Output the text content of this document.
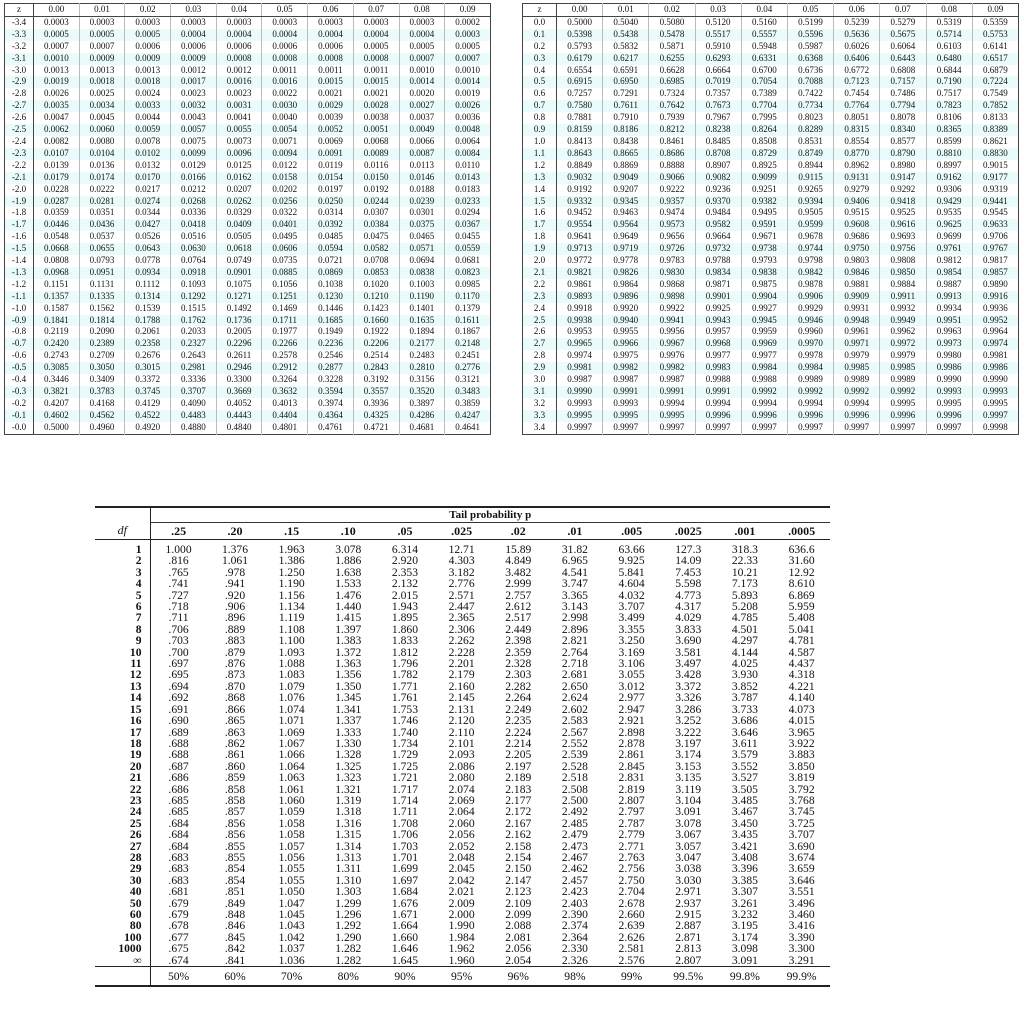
z	0.00	0.01	0.02	0.03	0.04	0.05	0.06	0.07	0.08	0.09
-3.4	0.0003	0.0003	0.0003	0.0003	0.0003	0.0003	0.0003	0.0003	0.0003	0.0002
-3.3	0.0005	0.0005	0.0005	0.0004	0.0004	0.0004	0.0004	0.0004	0.0004	0.0003
-3.2	0.0007	0.0007	0.0006	0.0006	0.0006	0.0006	0.0006	0.0005	0.0005	0.0005
-3.1	0.0010	0.0009	0.0009	0.0009	0.0008	0.0008	0.0008	0.0008	0.0007	0.0007
-3.0	0.0013	0.0013	0.0013	0.0012	0.0012	0.0011	0.0011	0.0011	0.0010	0.0010
-2.9	0.0019	0.0018	0.0018	0.0017	0.0016	0.0016	0.0015	0.0015	0.0014	0.0014
-2.8	0.0026	0.0025	0.0024	0.0023	0.0023	0.0022	0.0021	0.0021	0.0020	0.0019
-2.7	0.0035	0.0034	0.0033	0.0032	0.0031	0.0030	0.0029	0.0028	0.0027	0.0026
-2.6	0.0047	0.0045	0.0044	0.0043	0.0041	0.0040	0.0039	0.0038	0.0037	0.0036
-2.5	0.0062	0.0060	0.0059	0.0057	0.0055	0.0054	0.0052	0.0051	0.0049	0.0048
-2.4	0.0082	0.0080	0.0078	0.0075	0.0073	0.0071	0.0069	0.0068	0.0066	0.0064
-2.3	0.0107	0.0104	0.0102	0.0099	0.0096	0.0094	0.0091	0.0089	0.0087	0.0084
-2.2	0.0139	0.0136	0.0132	0.0129	0.0125	0.0122	0.0119	0.0116	0.0113	0.0110
-2.1	0.0179	0.0174	0.0170	0.0166	0.0162	0.0158	0.0154	0.0150	0.0146	0.0143
-2.0	0.0228	0.0222	0.0217	0.0212	0.0207	0.0202	0.0197	0.0192	0.0188	0.0183
-1.9	0.0287	0.0281	0.0274	0.0268	0.0262	0.0256	0.0250	0.0244	0.0239	0.0233
-1.8	0.0359	0.0351	0.0344	0.0336	0.0329	0.0322	0.0314	0.0307	0.0301	0.0294
-1.7	0.0446	0.0436	0.0427	0.0418	0.0409	0.0401	0.0392	0.0384	0.0375	0.0367
-1.6	0.0548	0.0537	0.0526	0.0516	0.0505	0.0495	0.0485	0.0475	0.0465	0.0455
-1.5	0.0668	0.0655	0.0643	0.0630	0.0618	0.0606	0.0594	0.0582	0.0571	0.0559
-1.4	0.0808	0.0793	0.0778	0.0764	0.0749	0.0735	0.0721	0.0708	0.0694	0.0681
-1.3	0.0968	0.0951	0.0934	0.0918	0.0901	0.0885	0.0869	0.0853	0.0838	0.0823
-1.2	0.1151	0.1131	0.1112	0.1093	0.1075	0.1056	0.1038	0.1020	0.1003	0.0985
-1.1	0.1357	0.1335	0.1314	0.1292	0.1271	0.1251	0.1230	0.1210	0.1190	0.1170
-1.0	0.1587	0.1562	0.1539	0.1515	0.1492	0.1469	0.1446	0.1423	0.1401	0.1379
-0.9	0.1841	0.1814	0.1788	0.1762	0.1736	0.1711	0.1685	0.1660	0.1635	0.1611
-0.8	0.2119	0.2090	0.2061	0.2033	0.2005	0.1977	0.1949	0.1922	0.1894	0.1867
-0.7	0.2420	0.2389	0.2358	0.2327	0.2296	0.2266	0.2236	0.2206	0.2177	0.2148
-0.6	0.2743	0.2709	0.2676	0.2643	0.2611	0.2578	0.2546	0.2514	0.2483	0.2451
-0.5	0.3085	0.3050	0.3015	0.2981	0.2946	0.2912	0.2877	0.2843	0.2810	0.2776
-0.4	0.3446	0.3409	0.3372	0.3336	0.3300	0.3264	0.3228	0.3192	0.3156	0.3121
-0.3	0.3821	0.3783	0.3745	0.3707	0.3669	0.3632	0.3594	0.3557	0.3520	0.3483
-0.2	0.4207	0.4168	0.4129	0.4090	0.4052	0.4013	0.3974	0.3936	0.3897	0.3859
-0.1	0.4602	0.4562	0.4522	0.4483	0.4443	0.4404	0.4364	0.4325	0.4286	0.4247
-0.0	0.5000	0.4960	0.4920	0.4880	0.4840	0.4801	0.4761	0.4721	0.4681	0.4641
z	0.00	0.01	0.02	0.03	0.04	0.05	0.06	0.07	0.08	0.09
0.0	0.5000	0.5040	0.5080	0.5120	0.5160	0.5199	0.5239	0.5279	0.5319	0.5359
0.1	0.5398	0.5438	0.5478	0.5517	0.5557	0.5596	0.5636	0.5675	0.5714	0.5753
0.2	0.5793	0.5832	0.5871	0.5910	0.5948	0.5987	0.6026	0.6064	0.6103	0.6141
0.3	0.6179	0.6217	0.6255	0.6293	0.6331	0.6368	0.6406	0.6443	0.6480	0.6517
0.4	0.6554	0.6591	0.6628	0.6664	0.6700	0.6736	0.6772	0.6808	0.6844	0.6879
0.5	0.6915	0.6950	0.6985	0.7019	0.7054	0.7088	0.7123	0.7157	0.7190	0.7224
0.6	0.7257	0.7291	0.7324	0.7357	0.7389	0.7422	0.7454	0.7486	0.7517	0.7549
0.7	0.7580	0.7611	0.7642	0.7673	0.7704	0.7734	0.7764	0.7794	0.7823	0.7852
0.8	0.7881	0.7910	0.7939	0.7967	0.7995	0.8023	0.8051	0.8078	0.8106	0.8133
0.9	0.8159	0.8186	0.8212	0.8238	0.8264	0.8289	0.8315	0.8340	0.8365	0.8389
1.0	0.8413	0.8438	0.8461	0.8485	0.8508	0.8531	0.8554	0.8577	0.8599	0.8621
1.1	0.8643	0.8665	0.8686	0.8708	0.8729	0.8749	0.8770	0.8790	0.8810	0.8830
1.2	0.8849	0.8869	0.8888	0.8907	0.8925	0.8944	0.8962	0.8980	0.8997	0.9015
1.3	0.9032	0.9049	0.9066	0.9082	0.9099	0.9115	0.9131	0.9147	0.9162	0.9177
1.4	0.9192	0.9207	0.9222	0.9236	0.9251	0.9265	0.9279	0.9292	0.9306	0.9319
1.5	0.9332	0.9345	0.9357	0.9370	0.9382	0.9394	0.9406	0.9418	0.9429	0.9441
1.6	0.9452	0.9463	0.9474	0.9484	0.9495	0.9505	0.9515	0.9525	0.9535	0.9545
1.7	0.9554	0.9564	0.9573	0.9582	0.9591	0.9599	0.9608	0.9616	0.9625	0.9633
1.8	0.9641	0.9649	0.9656	0.9664	0.9671	0.9678	0.9686	0.9693	0.9699	0.9706
1.9	0.9713	0.9719	0.9726	0.9732	0.9738	0.9744	0.9750	0.9756	0.9761	0.9767
2.0	0.9772	0.9778	0.9783	0.9788	0.9793	0.9798	0.9803	0.9808	0.9812	0.9817
2.1	0.9821	0.9826	0.9830	0.9834	0.9838	0.9842	0.9846	0.9850	0.9854	0.9857
2.2	0.9861	0.9864	0.9868	0.9871	0.9875	0.9878	0.9881	0.9884	0.9887	0.9890
2.3	0.9893	0.9896	0.9898	0.9901	0.9904	0.9906	0.9909	0.9911	0.9913	0.9916
2.4	0.9918	0.9920	0.9922	0.9925	0.9927	0.9929	0.9931	0.9932	0.9934	0.9936
2.5	0.9938	0.9940	0.9941	0.9943	0.9945	0.9946	0.9948	0.9949	0.9951	0.9952
2.6	0.9953	0.9955	0.9956	0.9957	0.9959	0.9960	0.9961	0.9962	0.9963	0.9964
2.7	0.9965	0.9966	0.9967	0.9968	0.9969	0.9970	0.9971	0.9972	0.9973	0.9974
2.8	0.9974	0.9975	0.9976	0.9977	0.9977	0.9978	0.9979	0.9979	0.9980	0.9981
2.9	0.9981	0.9982	0.9982	0.9983	0.9984	0.9984	0.9985	0.9985	0.9986	0.9986
3.0	0.9987	0.9987	0.9987	0.9988	0.9988	0.9989	0.9989	0.9989	0.9990	0.9990
3.1	0.9990	0.9991	0.9991	0.9991	0.9992	0.9992	0.9992	0.9992	0.9993	0.9993
3.2	0.9993	0.9993	0.9994	0.9994	0.9994	0.9994	0.9994	0.9995	0.9995	0.9995
3.3	0.9995	0.9995	0.9995	0.9996	0.9996	0.9996	0.9996	0.9996	0.9996	0.9997
3.4	0.9997	0.9997	0.9997	0.9997	0.9997	0.9997	0.9997	0.9997	0.9997	0.9998
	Tail probability p											
df	.25	.20	.15	.10	.05	.025	.02	.01	.005	.0025	.001	.0005
1	1.000	1.376	1.963	3.078	6.314	12.71	15.89	31.82	63.66	127.3	318.3	636.6
2	.816	1.061	1.386	1.886	2.920	4.303	4.849	6.965	9.925	14.09	22.33	31.60
3	.765	.978	1.250	1.638	2.353	3.182	3.482	4.541	5.841	7.453	10.21	12.92
4	.741	.941	1.190	1.533	2.132	2.776	2.999	3.747	4.604	5.598	7.173	8.610
5	.727	.920	1.156	1.476	2.015	2.571	2.757	3.365	4.032	4.773	5.893	6.869
6	.718	.906	1.134	1.440	1.943	2.447	2.612	3.143	3.707	4.317	5.208	5.959
7	.711	.896	1.119	1.415	1.895	2.365	2.517	2.998	3.499	4.029	4.785	5.408
8	.706	.889	1.108	1.397	1.860	2.306	2.449	2.896	3.355	3.833	4.501	5.041
9	.703	.883	1.100	1.383	1.833	2.262	2.398	2.821	3.250	3.690	4.297	4.781
10	.700	.879	1.093	1.372	1.812	2.228	2.359	2.764	3.169	3.581	4.144	4.587
11	.697	.876	1.088	1.363	1.796	2.201	2.328	2.718	3.106	3.497	4.025	4.437
12	.695	.873	1.083	1.356	1.782	2.179	2.303	2.681	3.055	3.428	3.930	4.318
13	.694	.870	1.079	1.350	1.771	2.160	2.282	2.650	3.012	3.372	3.852	4.221
14	.692	.868	1.076	1.345	1.761	2.145	2.264	2.624	2.977	3.326	3.787	4.140
15	.691	.866	1.074	1.341	1.753	2.131	2.249	2.602	2.947	3.286	3.733	4.073
16	.690	.865	1.071	1.337	1.746	2.120	2.235	2.583	2.921	3.252	3.686	4.015
17	.689	.863	1.069	1.333	1.740	2.110	2.224	2.567	2.898	3.222	3.646	3.965
18	.688	.862	1.067	1.330	1.734	2.101	2.214	2.552	2.878	3.197	3.611	3.922
19	.688	.861	1.066	1.328	1.729	2.093	2.205	2.539	2.861	3.174	3.579	3.883
20	.687	.860	1.064	1.325	1.725	2.086	2.197	2.528	2.845	3.153	3.552	3.850
21	.686	.859	1.063	1.323	1.721	2.080	2.189	2.518	2.831	3.135	3.527	3.819
22	.686	.858	1.061	1.321	1.717	2.074	2.183	2.508	2.819	3.119	3.505	3.792
23	.685	.858	1.060	1.319	1.714	2.069	2.177	2.500	2.807	3.104	3.485	3.768
24	.685	.857	1.059	1.318	1.711	2.064	2.172	2.492	2.797	3.091	3.467	3.745
25	.684	.856	1.058	1.316	1.708	2.060	2.167	2.485	2.787	3.078	3.450	3.725
26	.684	.856	1.058	1.315	1.706	2.056	2.162	2.479	2.779	3.067	3.435	3.707
27	.684	.855	1.057	1.314	1.703	2.052	2.158	2.473	2.771	3.057	3.421	3.690
28	.683	.855	1.056	1.313	1.701	2.048	2.154	2.467	2.763	3.047	3.408	3.674
29	.683	.854	1.055	1.311	1.699	2.045	2.150	2.462	2.756	3.038	3.396	3.659
30	.683	.854	1.055	1.310	1.697	2.042	2.147	2.457	2.750	3.030	3.385	3.646
40	.681	.851	1.050	1.303	1.684	2.021	2.123	2.423	2.704	2.971	3.307	3.551
50	.679	.849	1.047	1.299	1.676	2.009	2.109	2.403	2.678	2.937	3.261	3.496
60	.679	.848	1.045	1.296	1.671	2.000	2.099	2.390	2.660	2.915	3.232	3.460
80	.678	.846	1.043	1.292	1.664	1.990	2.088	2.374	2.639	2.887	3.195	3.416
100	.677	.845	1.042	1.290	1.660	1.984	2.081	2.364	2.626	2.871	3.174	3.390
1000	.675	.842	1.037	1.282	1.646	1.962	2.056	2.330	2.581	2.813	3.098	3.300
∞	.674	.841	1.036	1.282	1.645	1.960	2.054	2.326	2.576	2.807	3.091	3.291
	50%	60%	70%	80%	90%	95%	96%	98%	99%	99.5%	99.8%	99.9%
